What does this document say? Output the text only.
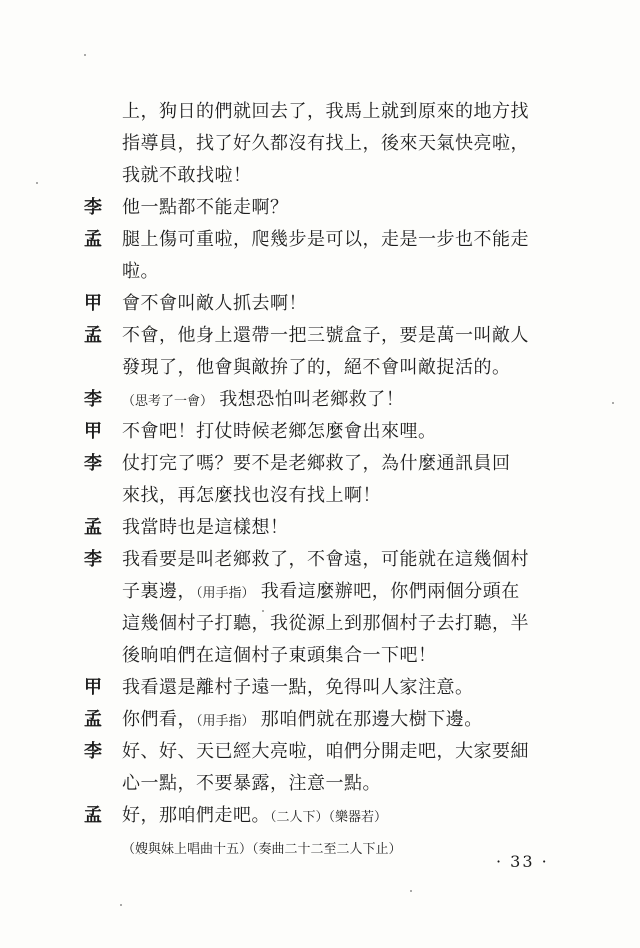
上，狗日的們就回去了，我馬上就到原來的地方找
指導員，找了好久都沒有找上，後來天氣快亮啦，
我就不敢找啦！
李	他一點都不能走啊？
孟	腿上傷可重啦，爬幾步是可以，走是一步也不能走
啦。
甲	會不會叫敵人抓去啊！
孟	不會，他身上還帶一把三號盒子，要是萬一叫敵人
發現了，他會與敵拚了的，絕不會叫敵捉活的。
李	（思考了一會） 我想恐怕叫老鄉救了！
甲	不會吧！打仗時候老鄉怎麼會出來哩。
李	仗打完了嗎？要不是老鄉救了，為什麼通訊員回
來找，再怎麼找也沒有找上啊！
孟	我當時也是這樣想！
李	我看要是叫老鄉救了，不會遠，可能就在這幾個村
子裏邊，（用手指） 我看這麼辦吧，你們兩個分頭在
這幾個村子打聽，我從源上到那個村子去打聽，半
後晌咱們在這個村子東頭集合一下吧！
甲	我看還是離村子遠一點，免得叫人家注意。
孟	你們看，（用手指） 那咱們就在那邊大樹下邊。
李	好、好、天已經大亮啦，咱們分開走吧，大家要細
心一點，不要暴露，注意一點。
孟	好，那咱們走吧。（二人下）（樂器若）
（嫂與妹上唱曲十五）（奏曲二十二至二人下止）
· 33 ·
